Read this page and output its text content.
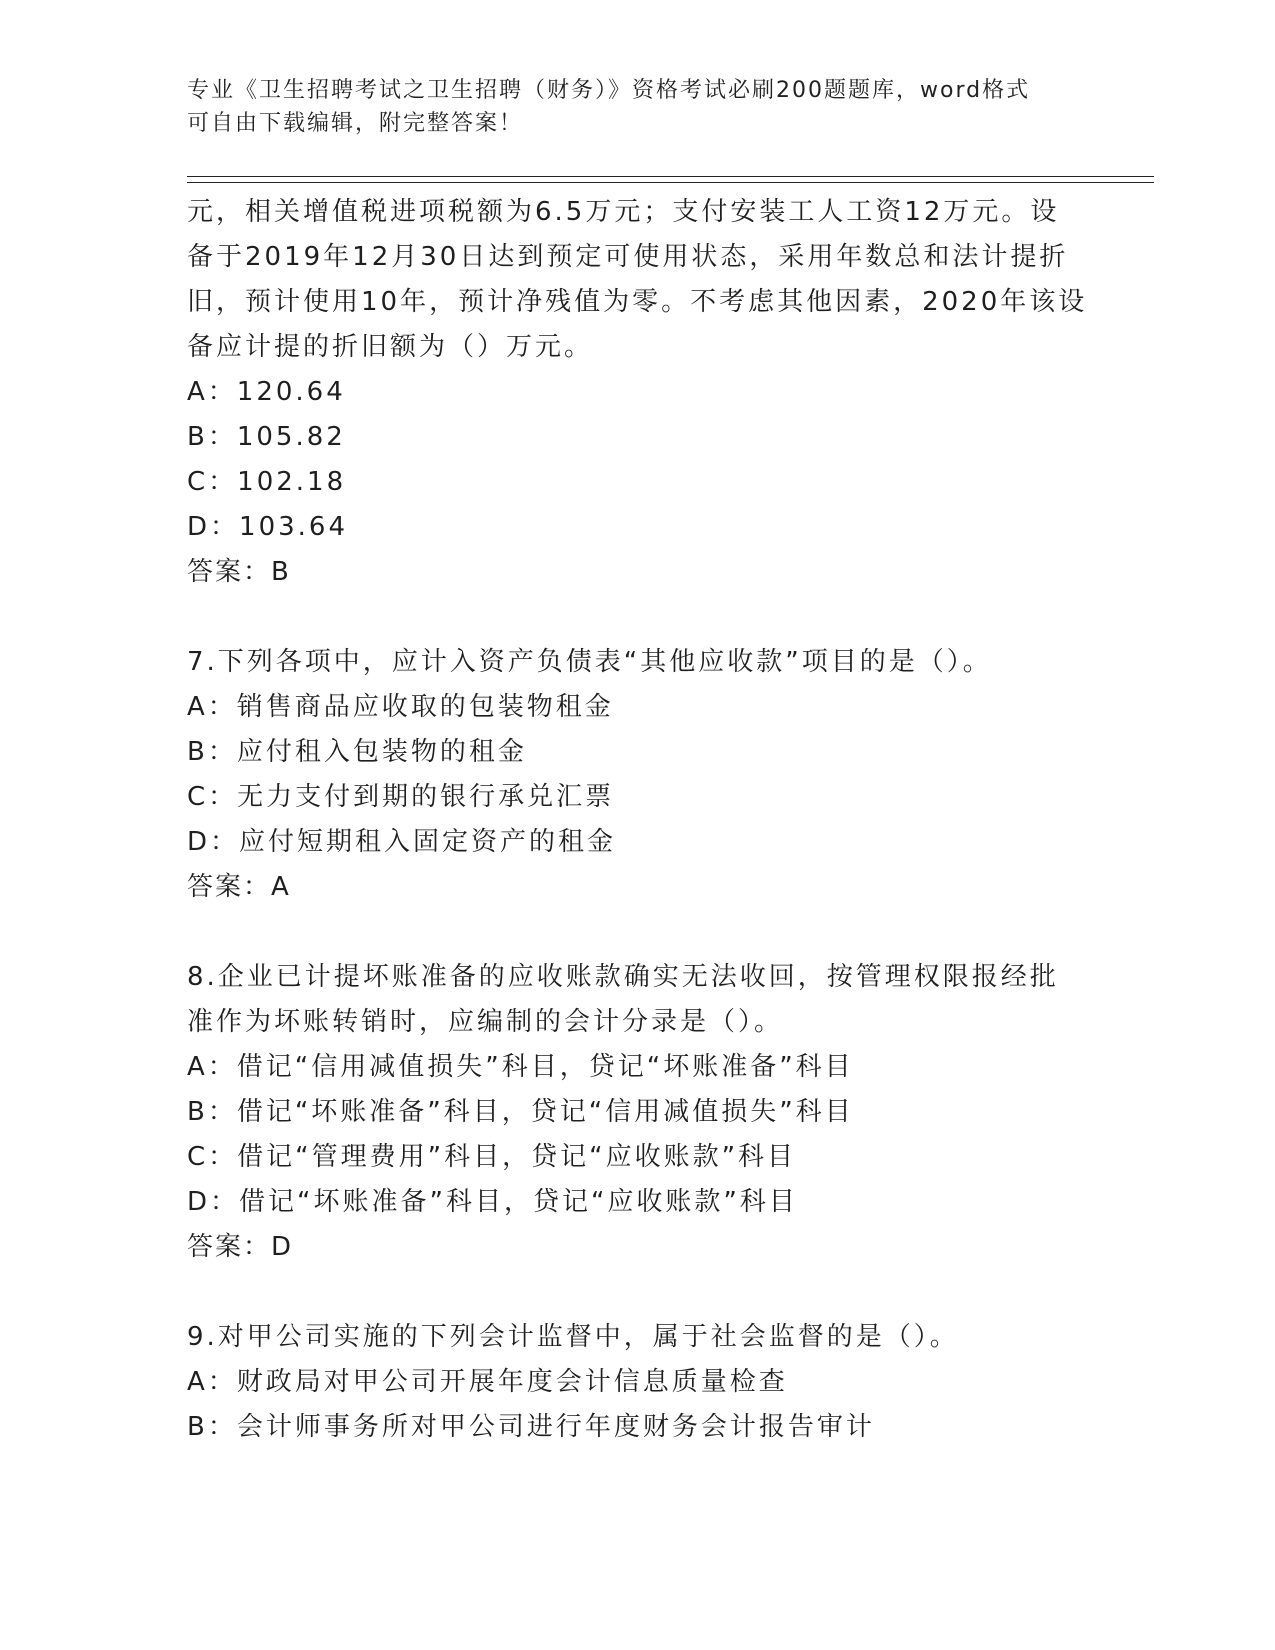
专业《卫生招聘考试之卫生招聘（财务）》资格考试必刷200题题库，word格式
可自由下载编辑，附完整答案！
元，相关增值税进项税额为6.5万元；支付安装工人工资12万元。设
备于2019年12月30日达到预定可使用状态，采用年数总和法计提折
旧，预计使用10年，预计净残值为零。不考虑其他因素，2020年该设
备应计提的折旧额为（）万元。
A：120.64
B：105.82
C：102.18
D：103.64
答案：B
7.下列各项中，应计入资产负债表“其他应收款”项目的是（）。
A：销售商品应收取的包装物租金
B：应付租入包装物的租金
C：无力支付到期的银行承兑汇票
D：应付短期租入固定资产的租金
答案：A
8.企业已计提坏账准备的应收账款确实无法收回，按管理权限报经批
准作为坏账转销时，应编制的会计分录是（）。
A：借记“信用减值损失”科目，贷记“坏账准备”科目
B：借记“坏账准备”科目，贷记“信用减值损失”科目
C：借记“管理费用”科目，贷记“应收账款”科目
D：借记“坏账准备”科目，贷记“应收账款”科目
答案：D
9.对甲公司实施的下列会计监督中，属于社会监督的是（）。
A：财政局对甲公司开展年度会计信息质量检查
B：会计师事务所对甲公司进行年度财务会计报告审计
